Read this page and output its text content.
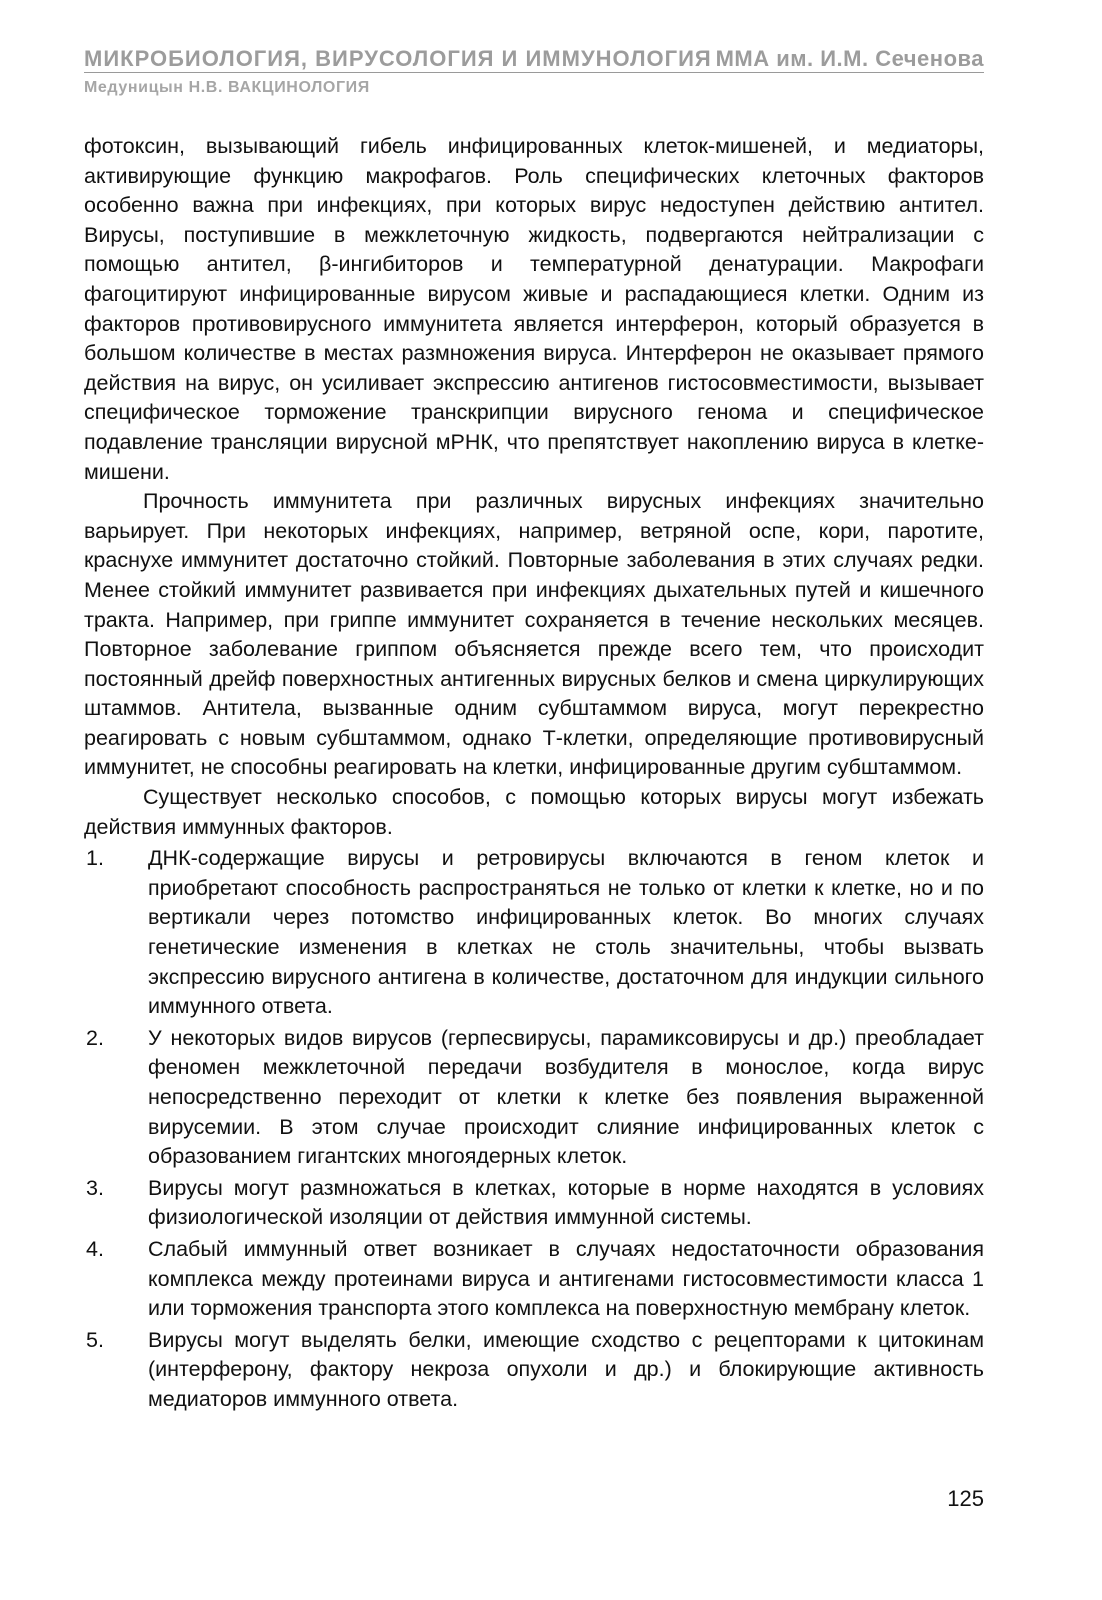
МИКРОБИОЛОГИЯ, ВИРУСОЛОГИЯ И ИММУНОЛОГИЯ ММА им. И.М. Сеченова
Медуницын Н.В. ВАКЦИНОЛОГИЯ

фотоксин, вызывающий гибель инфицированных клеток-мишеней, и медиаторы, активирующие функцию макрофагов. Роль специфических клеточных факторов особенно важна при инфекциях, при которых вирус недоступен действию антител. Вирусы, поступившие в межклеточную жидкость, подвергаются нейтрализации с помощью антител, β-ингибиторов и температурной денатурации. Макрофаги фагоцитируют инфицированные вирусом живые и распадающиеся клетки. Одним из факторов противовирусного иммунитета является интерферон, который образуется в большом количестве в местах размножения вируса. Интерферон не оказывает прямого действия на вирус, он усиливает экспрессию антигенов гистосовместимости, вызывает специфическое торможение транскрипции вирусного генома и специфическое подавление трансляции вирусной мРНК, что препятствует накоплению вируса в клетке-мишени.

Прочность иммунитета при различных вирусных инфекциях значительно варьирует. При некоторых инфекциях, например, ветряной оспе, кори, паротите, краснухе иммунитет достаточно стойкий. Повторные заболевания в этих случаях редки. Менее стойкий иммунитет развивается при инфекциях дыхательных путей и кишечного тракта. Например, при гриппе иммунитет сохраняется в течение нескольких месяцев. Повторное заболевание гриппом объясняется прежде всего тем, что происходит постоянный дрейф поверхностных антигенных вирусных белков и смена циркулирующих штаммов. Антитела, вызванные одним субштаммом вируса, могут перекрестно реагировать с новым субштаммом, однако Т-клетки, определяющие противовирусный иммунитет, не способны реагировать на клетки, инфицированные другим субштаммом.

Существует несколько способов, с помощью которых вирусы могут избежать действия иммунных факторов.

1.	ДНК-содержащие вирусы и ретровирусы включаются в геном клеток и приобретают способность распространяться не только от клетки к клетке, но и по вертикали через потомство инфицированных клеток. Во многих случаях генетические изменения в клетках не столь значительны, чтобы вызвать экспрессию вирусного антигена в количестве, достаточном для индукции сильного иммунного ответа.
2.	У некоторых видов вирусов (герпесвирусы, парамиксовирусы и др.) преобладает феномен межклеточной передачи возбудителя в монослое, когда вирус непосредственно переходит от клетки к клетке без появления выраженной вирусемии. В этом случае происходит слияние инфицированных клеток с образованием гигантских многоядерных клеток.
3.	Вирусы могут размножаться в клетках, которые в норме находятся в условиях физиологической изоляции от действия иммунной системы.
4.	Слабый иммунный ответ возникает в случаях недостаточности образования комплекса между протеинами вируса и антигенами гистосовместимости класса 1 или торможения транспорта этого комплекса на поверхностную мембрану клеток.
5.	Вирусы могут выделять белки, имеющие сходство с рецепторами к цитокинам (интерферону, фактору некроза опухоли и др.) и блокирующие активность медиаторов иммунного ответа.
125
